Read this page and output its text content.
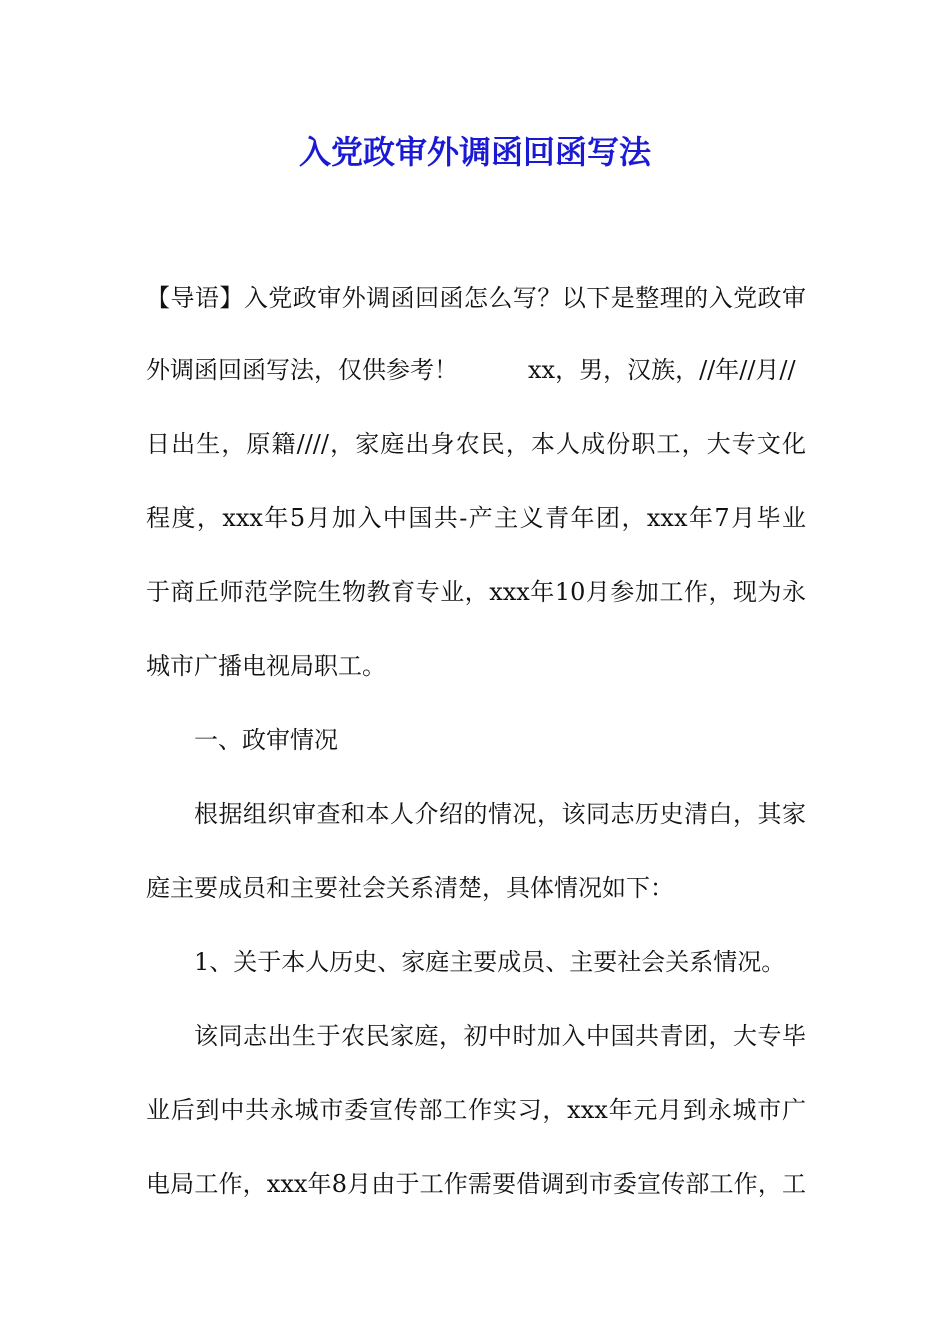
入党政审外调函回函写法
【导语】入党政审外调函回函怎么写？以下是整理的入党政审
外调函回函写法，仅供参考！	xx，男，汉族，//年//月//
日出生，原籍////，家庭出身农民，本人成份职工，大专文化
程度，xxx年5月加入中国共-产主义青年团，xxx年7月毕业
于商丘师范学院生物教育专业，xxx年10月参加工作，现为永
城市广播电视局职工。
一、政审情况
根据组织审查和本人介绍的情况，该同志历史清白，其家
庭主要成员和主要社会关系清楚，具体情况如下：
1、关于本人历史、家庭主要成员、主要社会关系情况。
该同志出生于农民家庭，初中时加入中国共青团，大专毕
业后到中共永城市委宣传部工作实习，xxx年元月到永城市广
电局工作，xxx年8月由于工作需要借调到市委宣传部工作，工
